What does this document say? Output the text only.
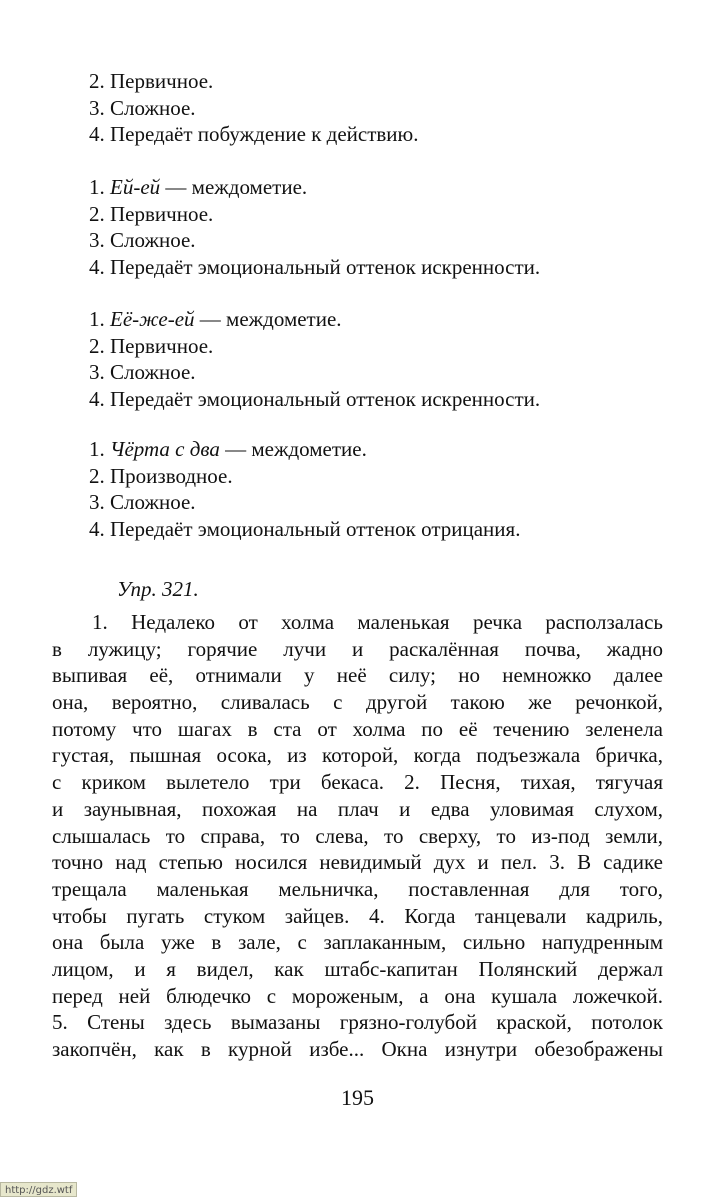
2. Первичное.
3. Сложное.
4. Передаёт побуждение к действию.
1. Ей-ей — междометие.
2. Первичное.
3. Сложное.
4. Передаёт эмоциональный оттенок искренности.
1. Её-же-ей — междометие.
2. Первичное.
3. Сложное.
4. Передаёт эмоциональный оттенок искренности.
1. Чёрта с два — междометие.
2. Производное.
3. Сложное.
4. Передаёт эмоциональный оттенок отрицания.
Упр. 321.
1. Недалеко от холма маленькая речка расползалась
в лужицу; горячие лучи и раскалённая почва, жадно
выпивая её, отнимали у неё силу; но немножко далее
она, вероятно, сливалась с другой такою же речонкой,
потому что шагах в ста от холма по её течению зеленела
густая, пышная осока, из которой, когда подъезжала бричка,
с криком вылетело три бекаса. 2. Песня, тихая, тягучая
и заунывная, похожая на плач и едва уловимая слухом,
слышалась то справа, то слева, то сверху, то из-под земли,
точно над степью носился невидимый дух и пел. 3. В садике
трещала маленькая мельничка, поставленная для того,
чтобы пугать стуком зайцев. 4. Когда танцевали кадриль,
она была уже в зале, с заплаканным, сильно напудренным
лицом, и я видел, как штабс-капитан Полянский держал
перед ней блюдечко с мороженым, а она кушала ложечкой.
5. Стены здесь вымазаны грязно-голубой краской, потолок
закопчён, как в курной избе... Окна изнутри обезображены
195
http://gdz.wtf
